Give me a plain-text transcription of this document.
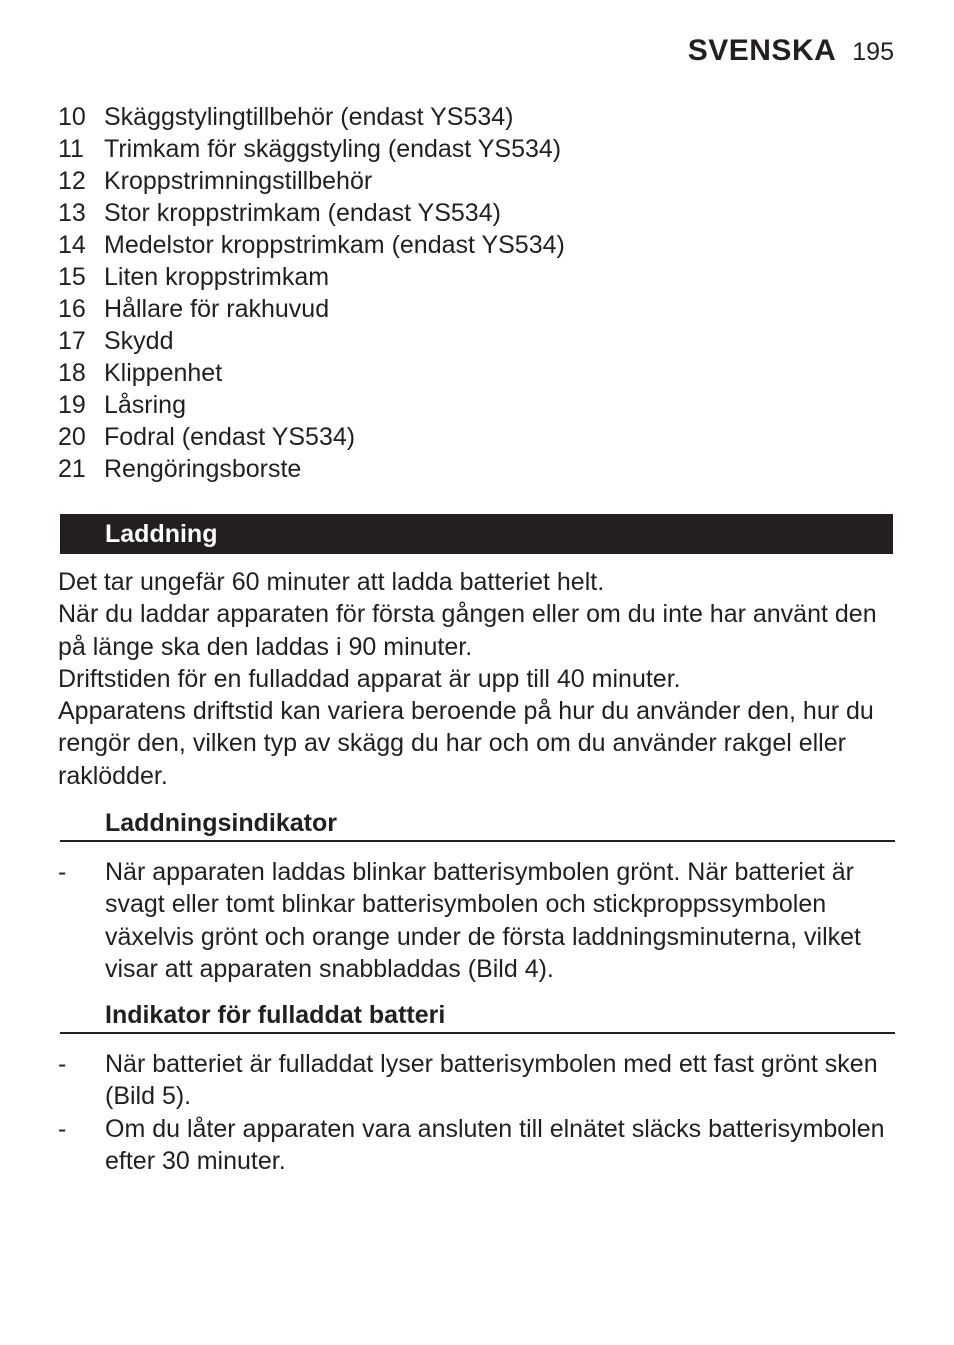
SVENSKA 195
10 Skäggstylingtillbehör (endast YS534)
11 Trimkam för skäggstyling (endast YS534)
12 Kroppstrimningstillbehör
13 Stor kroppstrimkam (endast YS534)
14 Medelstor kroppstrimkam (endast YS534)
15 Liten kroppstrimkam
16 Hållare för rakhuvud
17 Skydd
18 Klippenhet
19 Låsring
20 Fodral (endast YS534)
21 Rengöringsborste
Laddning
Det tar ungefär 60 minuter att ladda batteriet helt.
När du laddar apparaten för första gången eller om du inte har använt den på länge ska den laddas i 90 minuter.
Driftstiden för en fulladdad apparat är upp till 40 minuter.
Apparatens driftstid kan variera beroende på hur du använder den, hur du rengör den, vilken typ av skägg du har och om du använder rakgel eller raklödder.
Laddningsindikator
-	När apparaten laddas blinkar batterisymbolen grönt. När batteriet är svagt eller tomt blinkar batterisymbolen och stickproppssymbolen växelvis grönt och orange under de första laddningsminuterna, vilket visar att apparaten snabbladdas (Bild 4).
Indikator för fulladdat batteri
-	När batteriet är fulladdat lyser batterisymbolen med ett fast grönt sken (Bild 5).
-	Om du låter apparaten vara ansluten till elnätet släcks batterisymbolen efter 30 minuter.
